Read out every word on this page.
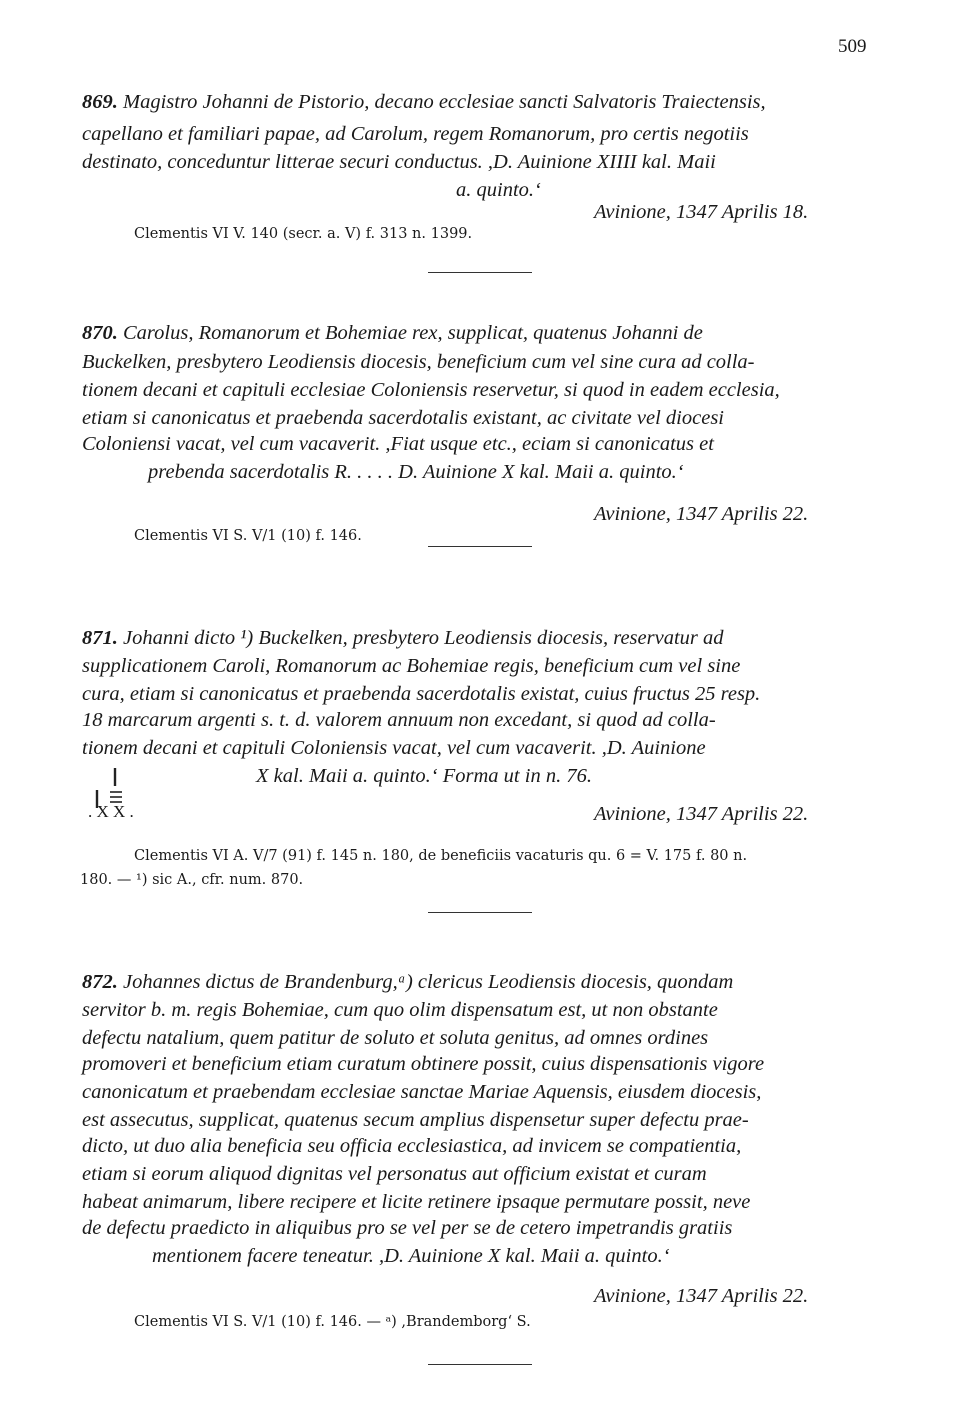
509
869. Magistro Johanni de Pistorio, decano ecclesiae sancti Salvatoris Traiectensis,
capellano et familiari papae, ad Carolum, regem Romanorum, pro certis negotiis
destinato, conceduntur litterae securi conductus. ,D. Auinione XIIII kal. Maii
a. quinto.‘
Avinione, 1347 Aprilis 18.
Clementis VI V. 140 (secr. a. V) f. 313 n. 1399.
870. Carolus, Romanorum et Bohemiae rex, supplicat, quatenus Johanni de
Buckelken, presbytero Leodiensis diocesis, beneficium cum vel sine cura ad colla-
tionem decani et capituli ecclesiae Coloniensis reservetur, si quod in eadem ecclesia,
etiam si canonicatus et praebenda sacerdotalis existant, ac civitate vel diocesi
Coloniensi vacat, vel cum vacaverit. ,Fiat usque etc., eciam si canonicatus et
prebenda sacerdotalis R. . . . . D. Auinione X kal. Maii a. quinto.‘
Avinione, 1347 Aprilis 22.
Clementis VI S. V/1 (10) f. 146.
871. Johanni dicto ¹) Buckelken, presbytero Leodiensis diocesis, reservatur ad
supplicationem Caroli, Romanorum ac Bohemiae regis, beneficium cum vel sine
cura, etiam si canonicatus et praebenda sacerdotalis existat, cuius fructus 25 resp.
18 marcarum argenti s. t. d. valorem annuum non excedant, si quod ad colla-
tionem decani et capituli Coloniensis vacat, vel cum vacaverit. ,D. Auinione
X kal. Maii a. quinto.‘ Forma ut in n. 76.
. X X .	Avinione, 1347 Aprilis 22.
Clementis VI A. V/7 (91) f. 145 n. 180, de beneficiis vacaturis qu. 6 = V. 175 f. 80 n.
180. — ¹) sic A., cfr. num. 870.
872. Johannes dictus de Brandenburg,ᵃ) clericus Leodiensis diocesis, quondam
servitor b. m. regis Bohemiae, cum quo olim dispensatum est, ut non obstante
defectu natalium, quem patitur de soluto et soluta genitus, ad omnes ordines
promoveri et beneficium etiam curatum obtinere possit, cuius dispensationis vigore
canonicatum et praebendam ecclesiae sanctae Mariae Aquensis, eiusdem diocesis,
est assecutus, supplicat, quatenus secum amplius dispensetur super defectu prae-
dicto, ut duo alia beneficia seu officia ecclesiastica, ad invicem se compatientia,
etiam si eorum aliquod dignitas vel personatus aut officium existat et curam
habeat animarum, libere recipere et licite retinere ipsaque permutare possit, neve
de defectu praedicto in aliquibus pro se vel per se de cetero impetrandis gratiis
mentionem facere teneatur. ,D. Auinione X kal. Maii a. quinto.‘
Avinione, 1347 Aprilis 22.
Clementis VI S. V/1 (10) f. 146. — ᵃ) ,Brandemborg‘ S.
